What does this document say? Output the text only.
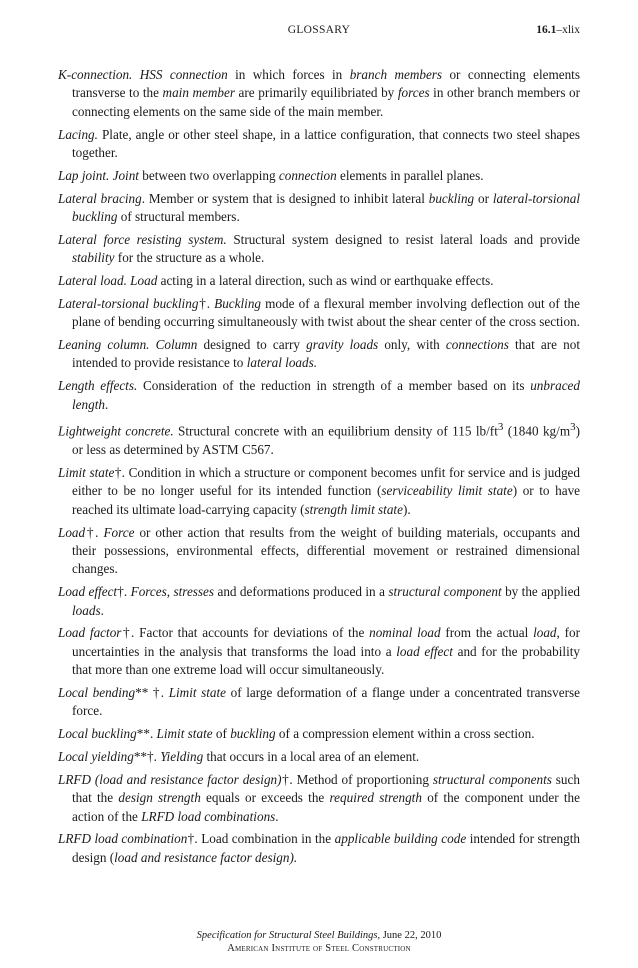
GLOSSARY	16.1–xlix

K-connection. HSS connection in which forces in branch members or connecting elements transverse to the main member are primarily equilibriated by forces in other branch members or connecting elements on the same side of the main member.

Lacing. Plate, angle or other steel shape, in a lattice configuration, that connects two steel shapes together.

Lap joint. Joint between two overlapping connection elements in parallel planes.

Lateral bracing. Member or system that is designed to inhibit lateral buckling or lateral-torsional buckling of structural members.

Lateral force resisting system. Structural system designed to resist lateral loads and provide stability for the structure as a whole.

Lateral load. Load acting in a lateral direction, such as wind or earthquake effects.

Lateral-torsional buckling†. Buckling mode of a flexural member involving deflection out of the plane of bending occurring simultaneously with twist about the shear center of the cross section.

Leaning column. Column designed to carry gravity loads only, with connections that are not intended to provide resistance to lateral loads.

Length effects. Consideration of the reduction in strength of a member based on its unbraced length.

Lightweight concrete. Structural concrete with an equilibrium density of 115 $lb/ft^3$ (1840 $kg/m^3$) or less as determined by ASTM C567.

Limit state†. Condition in which a structure or component becomes unfit for service and is judged either to be no longer useful for its intended function (serviceability limit state) or to have reached its ultimate load-carrying capacity (strength limit state).

Load†. Force or other action that results from the weight of building materials, occupants and their possessions, environmental effects, differential movement or restrained dimensional changes.

Load effect†. Forces, stresses and deformations produced in a structural component by the applied loads.

Load factor†. Factor that accounts for deviations of the nominal load from the actual load, for uncertainties in the analysis that transforms the load into a load effect and for the probability that more than one extreme load will occur simultaneously.

Local bending** †. Limit state of large deformation of a flange under a concentrated transverse force.

Local buckling**. Limit state of buckling of a compression element within a cross section.

Local yielding**†. Yielding that occurs in a local area of an element.

LRFD (load and resistance factor design)†. Method of proportioning structural components such that the design strength equals or exceeds the required strength of the component under the action of the LRFD load combinations.

LRFD load combination†. Load combination in the applicable building code intended for strength design (load and resistance factor design).

Specification for Structural Steel Buildings, June 22, 2010
American Institute of Steel Construction
